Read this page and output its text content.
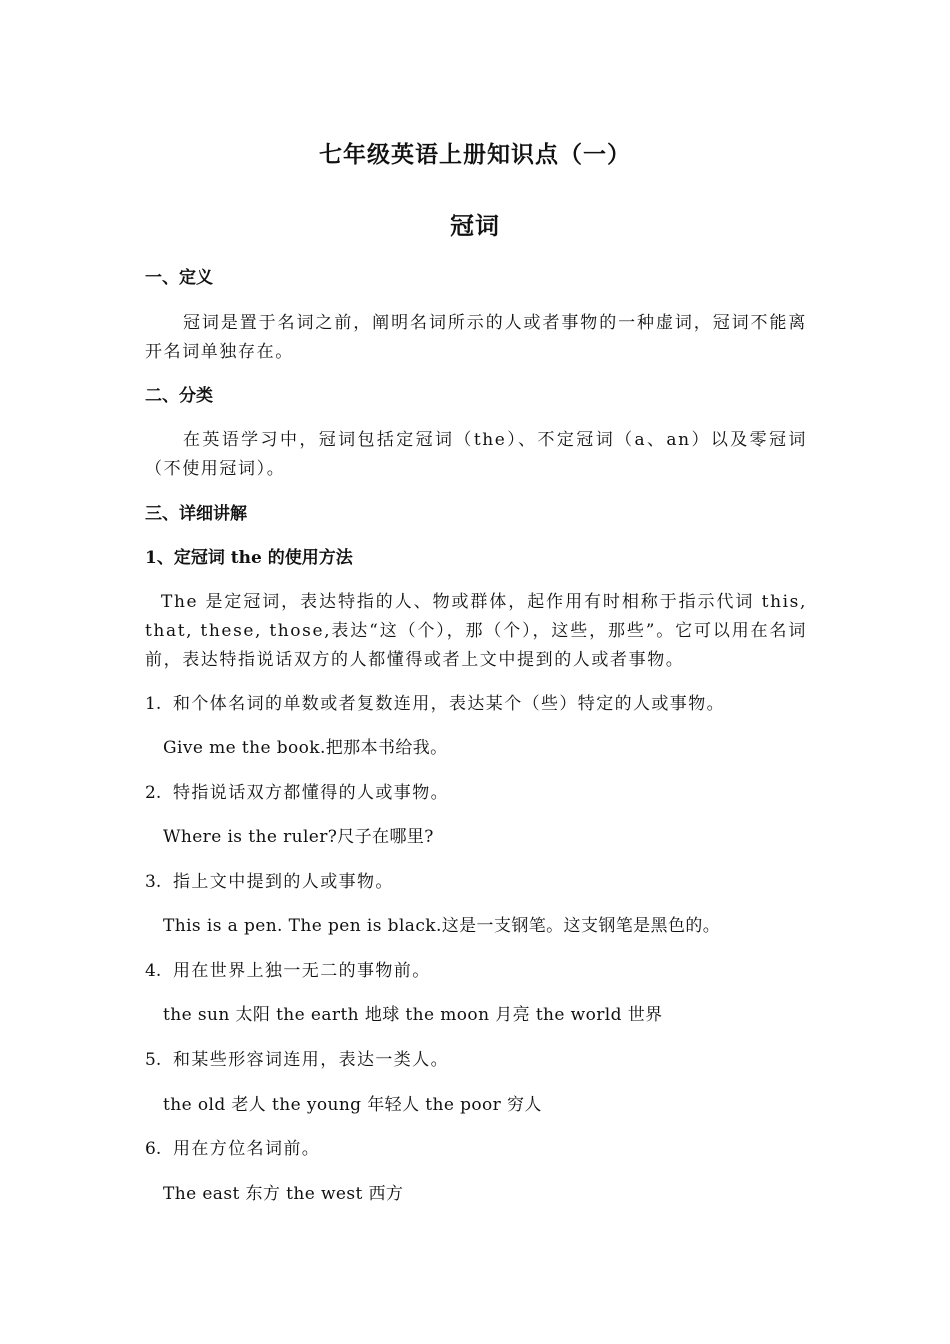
七年级英语上册知识点（一）
冠词
一、定义
冠词是置于名词之前，阐明名词所示的人或者事物的一种虚词，冠词不能离开名词单独存在。
二、分类
在英语学习中，冠词包括定冠词（the）、不定冠词（a、an）以及零冠词（不使用冠词）。
三、详细讲解
1、定冠词 the 的使用方法
The 是定冠词，表达特指的人、物或群体，起作用有时相称于指示代词 this, that, these, those,表达“这（个），那（个），这些，那些”。它可以用在名词前，表达特指说话双方的人都懂得或者上文中提到的人或者事物。
1. 和个体名词的单数或者复数连用，表达某个（些）特定的人或事物。
Give me the book.把那本书给我。
2. 特指说话双方都懂得的人或事物。
Where is the ruler?尺子在哪里?
3. 指上文中提到的人或事物。
This is a pen. The pen is black.这是一支钢笔。这支钢笔是黑色的。
4. 用在世界上独一无二的事物前。
the sun 太阳 the earth 地球 the moon 月亮 the world 世界
5. 和某些形容词连用，表达一类人。
the old 老人 the young 年轻人 the poor 穷人
6. 用在方位名词前。
The east 东方 the west 西方
